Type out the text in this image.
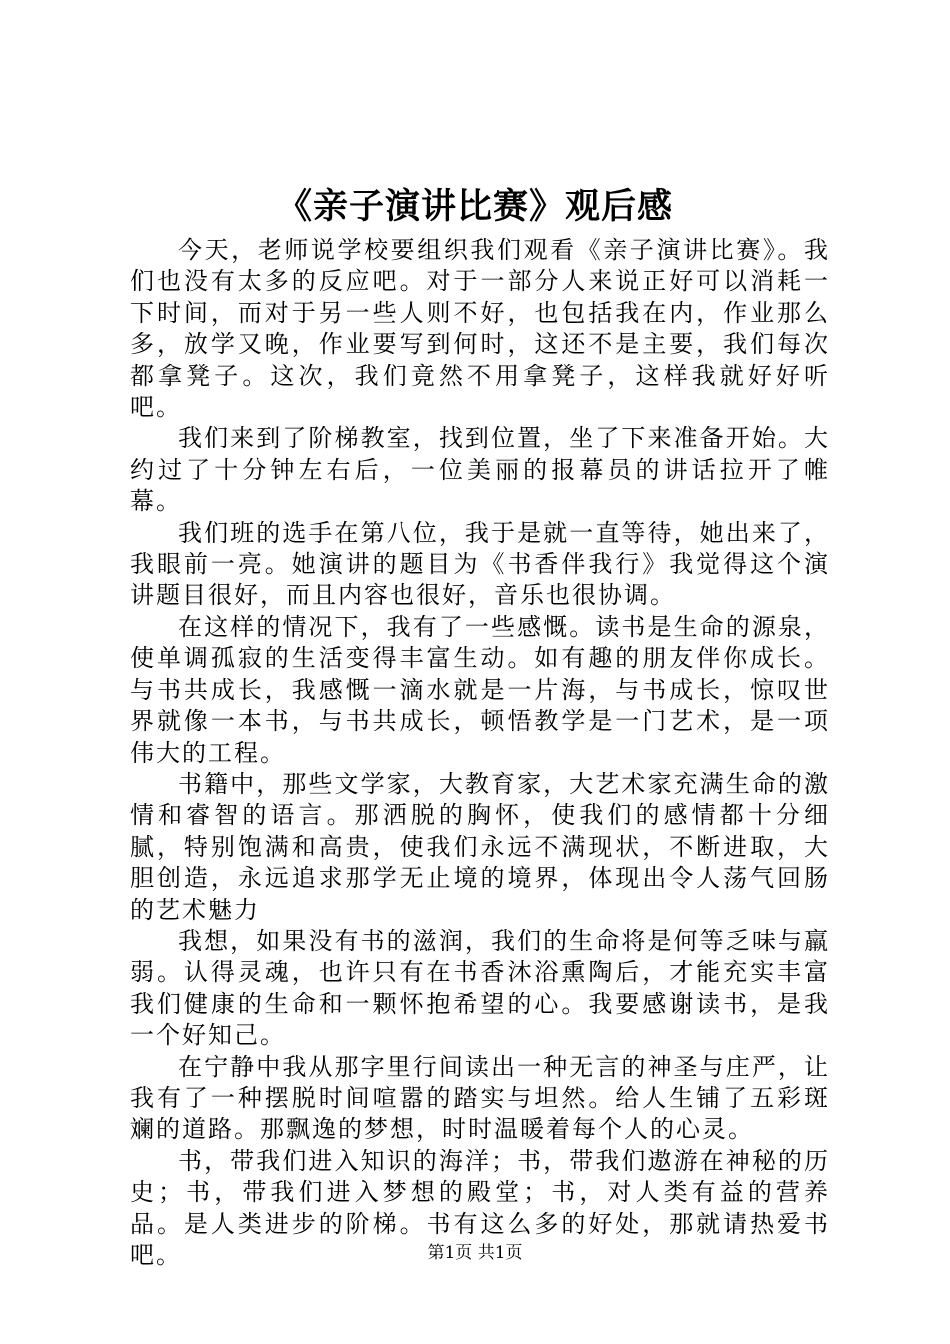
《亲子演讲比赛》观后感

今天，老师说学校要组织我们观看《亲子演讲比赛》。我们也没有太多的反应吧。对于一部分人来说正好可以消耗一下时间，而对于另一些人则不好，也包括我在内，作业那么多，放学又晚，作业要写到何时，这还不是主要，我们每次都拿凳子。这次，我们竟然不用拿凳子，这样我就好好听吧。

我们来到了阶梯教室，找到位置，坐了下来准备开始。大约过了十分钟左右后，一位美丽的报幕员的讲话拉开了帷幕。

我们班的选手在第八位，我于是就一直等待，她出来了，我眼前一亮。她演讲的题目为《书香伴我行》我觉得这个演讲题目很好，而且内容也很好，音乐也很协调。

在这样的情况下，我有了一些感慨。读书是生命的源泉，使单调孤寂的生活变得丰富生动。如有趣的朋友伴你成长。与书共成长，我感慨一滴水就是一片海，与书成长，惊叹世界就像一本书，与书共成长，顿悟教学是一门艺术，是一项伟大的工程。

书籍中，那些文学家，大教育家，大艺术家充满生命的激情和睿智的语言。那洒脱的胸怀，使我们的感情都十分细腻，特别饱满和高贵，使我们永远不满现状，不断进取，大胆创造，永远追求那学无止境的境界，体现出令人荡气回肠的艺术魅力

我想，如果没有书的滋润，我们的生命将是何等乏味与羸弱。认得灵魂，也许只有在书香沐浴熏陶后，才能充实丰富我们健康的生命和一颗怀抱希望的心。我要感谢读书，是我一个好知己。

在宁静中我从那字里行间读出一种无言的神圣与庄严，让我有了一种摆脱时间喧嚣的踏实与坦然。给人生铺了五彩斑斓的道路。那飘逸的梦想，时时温暖着每个人的心灵。

书，带我们进入知识的海洋；书，带我们遨游在神秘的历史；书，带我们进入梦想的殿堂；书，对人类有益的营养品。是人类进步的阶梯。书有这么多的好处，那就请热爱书吧。	第1页 共1页
